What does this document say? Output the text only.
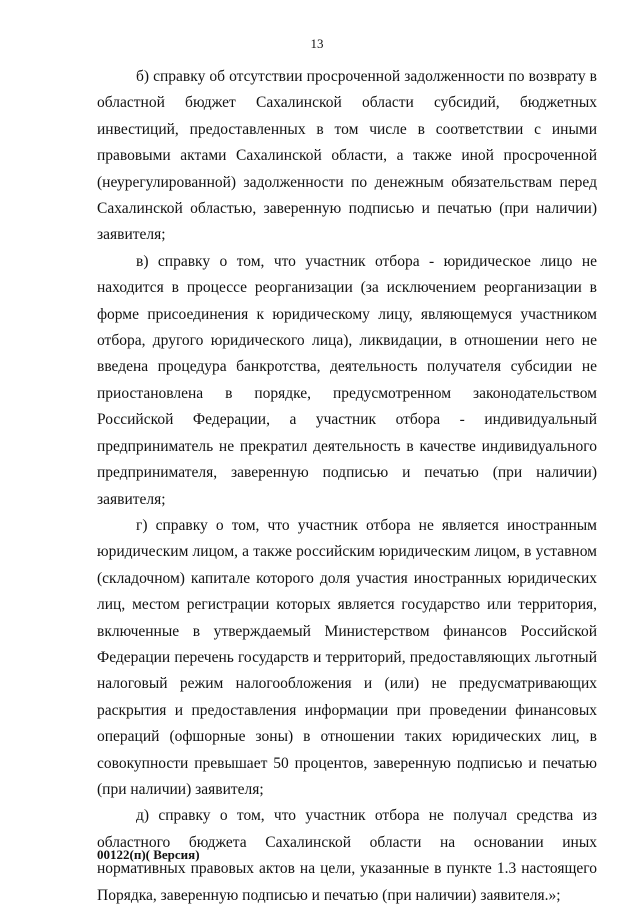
13

б) справку об отсутствии просроченной задолженности по возврату в областной бюджет Сахалинской области субсидий, бюджетных инвестиций, предоставленных в том числе в соответствии с иными правовыми актами Сахалинской области, а также иной просроченной (неурегулированной) задолженности по денежным обязательствам перед Сахалинской областью, заверенную подписью и печатью (при наличии) заявителя;

в) справку о том, что участник отбора - юридическое лицо не находится в процессе реорганизации (за исключением реорганизации в форме присоединения к юридическому лицу, являющемуся участником отбора, другого юридического лица), ликвидации, в отношении него не введена процедура банкротства, деятельность получателя субсидии не приостановлена в порядке, предусмотренном законодательством Российской Федерации, а участник отбора - индивидуальный предприниматель не прекратил деятельность в качестве индивидуального предпринимателя, заверенную подписью и печатью (при наличии) заявителя;

г) справку о том, что участник отбора не является иностранным юридическим лицом, а также российским юридическим лицом, в уставном (складочном) капитале которого доля участия иностранных юридических лиц, местом регистрации которых является государство или территория, включенные в утверждаемый Министерством финансов Российской Федерации перечень государств и территорий, предоставляющих льготный налоговый режим налогообложения и (или) не предусматривающих раскрытия и предоставления информации при проведении финансовых операций (офшорные зоны) в отношении таких юридических лиц, в совокупности превышает 50 процентов, заверенную подписью и печатью (при наличии) заявителя;

д) справку о том, что участник отбора не получал средства из областного бюджета Сахалинской области на основании иных нормативных правовых актов на цели, указанные в пункте 1.3 настоящего Порядка, заверенную подписью и печатью (при наличии) заявителя.»;

00122(п)( Версия)
